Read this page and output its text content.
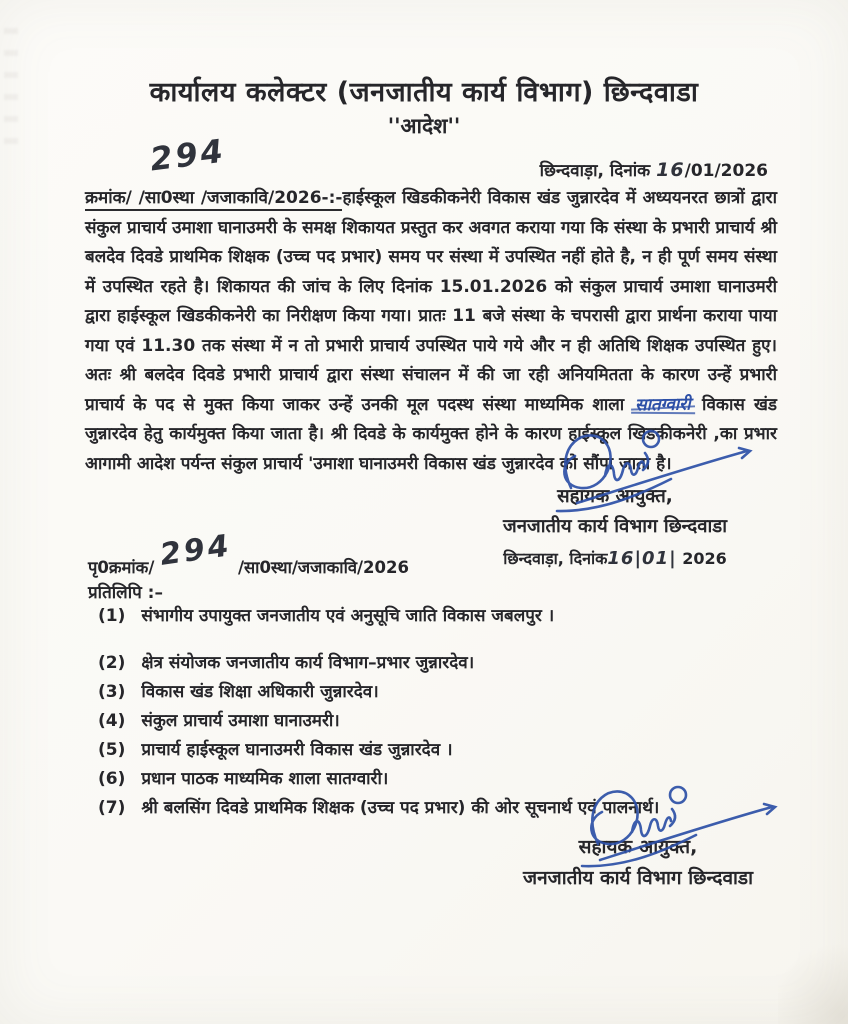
कार्यालय कलेक्टर (जनजातीय कार्य विभाग) छिन्दवाडा
''आदेश''
294	छिन्दवाड़ा, दिनांक 16/01/2026

क्रमांक/ /सा0स्था /जजाकावि/2026-:-हाईस्कूल खिडकीकनेरी विकास खंड जुन्नारदेव में अध्ययनरत छात्रों द्वारा संकुल प्राचार्य उमाशा घानाउमरी के समक्ष शिकायत प्रस्तुत कर अवगत कराया गया कि संस्था के प्रभारी प्राचार्य श्री बलदेव दिवडे प्राथमिक शिक्षक (उच्च पद प्रभार) समय पर संस्था में उपस्थित नहीं होते है, न ही पूर्ण समय संस्था में उपस्थित रहते है। शिकायत की जांच के लिए दिनांक 15.01.2026 को संकुल प्राचार्य उमाशा घानाउमरी द्वारा हाईस्कूल खिडकीकनेरी का निरीक्षण किया गया। प्रातः 11 बजे संस्था के चपरासी द्वारा प्रार्थना कराया पाया गया एवं 11.30 तक संस्था में न तो प्रभारी प्राचार्य उपस्थित पाये गये और न ही अतिथि शिक्षक उपस्थित हुए। अतः श्री बलदेव दिवडे प्रभारी प्राचार्य द्वारा संस्था संचालन में की जा रही अनियमितता के कारण उन्हें प्रभारी प्राचार्य के पद से मुक्त किया जाकर उन्हें उनकी मूल पदस्थ संस्था माध्यमिक शाला सातग्वारी विकास खंड जुन्नारदेव हेतु कार्यमुक्त किया जाता है। श्री दिवडे के कार्यमुक्त होने के कारण हाईस्कूल खिडकीकनेरी ,का प्रभार आगामी आदेश पर्यन्त संकुल प्राचार्य 'उमाशा घानाउमरी विकास खंड जुन्नारदेव को सौंपा जाता है।

सहायक आयुक्त,
जनजातीय कार्य विभाग छिन्दवाडा
छिन्दवाड़ा, दिनांक16|01| 2026
पृ0क्रमांक/ 294 /सा0स्था/जजाकावि/2026
प्रतिलिपि :–
(1) संभागीय उपायुक्त जनजातीय एवं अनुसूचि जाति विकास जबलपुर ।
(2) क्षेत्र संयोजक जनजातीय कार्य विभाग–प्रभार जुन्नारदेव।
(3) विकास खंड शिक्षा अधिकारी जुन्नारदेव।
(4) संकुल प्राचार्य उमाशा घानाउमरी।
(5) प्राचार्य हाईस्कूल घानाउमरी विकास खंड जुन्नारदेव ।
(6) प्रधान पाठक माध्यमिक शाला सातग्वारी।
(7) श्री बलसिंग दिवडे प्राथमिक शिक्षक (उच्च पद प्रभार) की ओर सूचनार्थ एवं पालनार्थ।
सहायक आयुक्त,
जनजातीय कार्य विभाग छिन्दवाडा
